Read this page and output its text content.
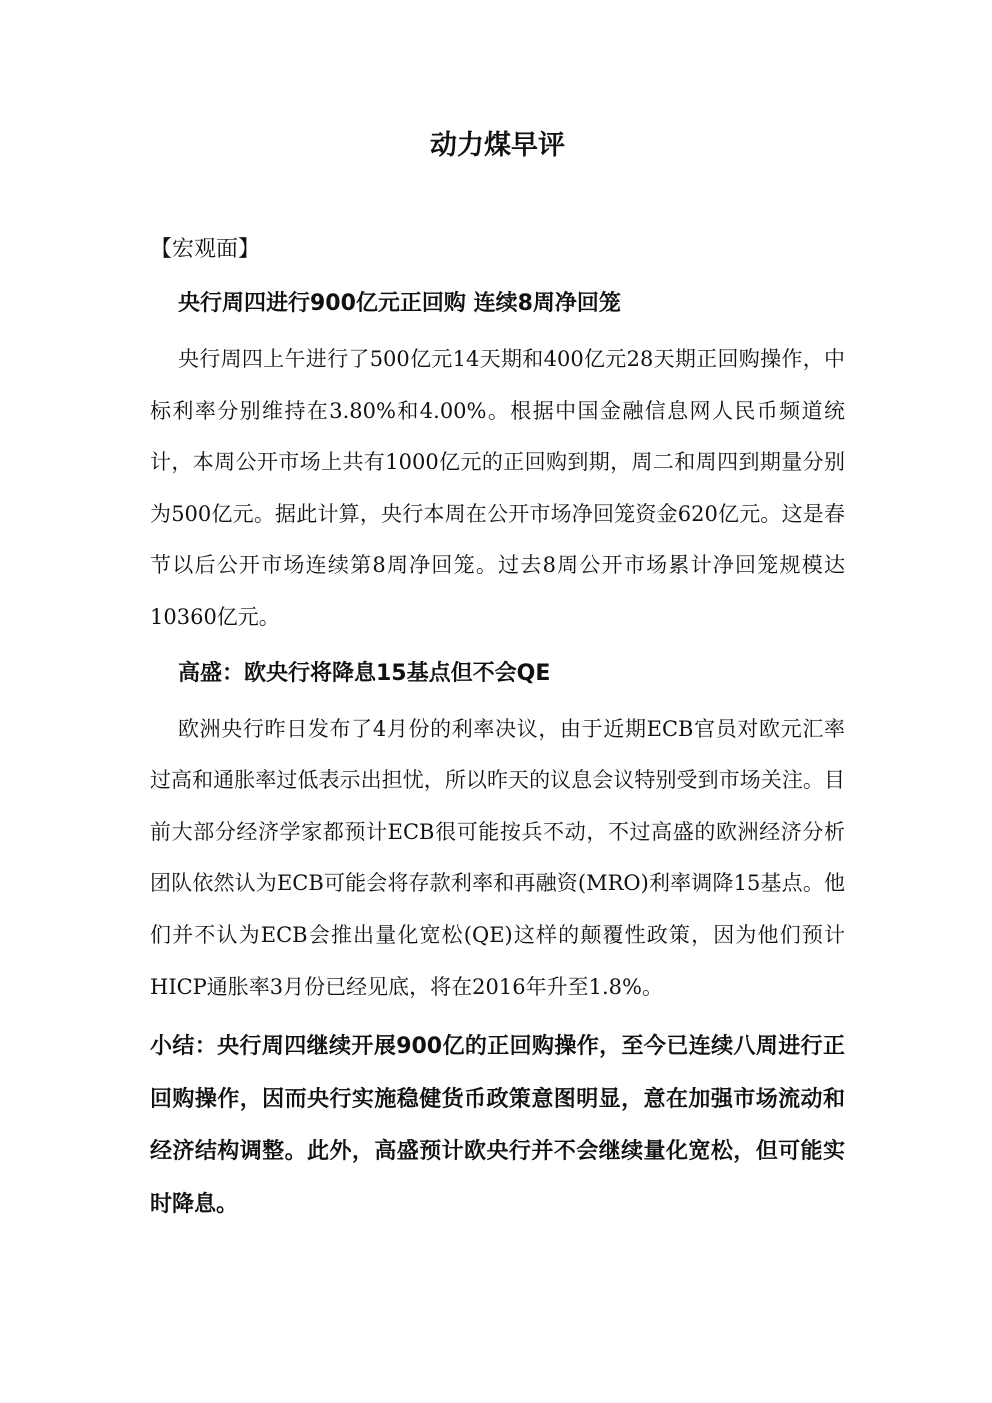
动力煤早评

【宏观面】

央行周四进行900亿元正回购 连续8周净回笼

央行周四上午进行了500亿元14天期和400亿元28天期正回购操作，中标利率分别维持在3.80%和4.00%。根据中国金融信息网人民币频道统计，本周公开市场上共有1000亿元的正回购到期，周二和周四到期量分别为500亿元。据此计算，央行本周在公开市场净回笼资金620亿元。这是春节以后公开市场连续第8周净回笼。过去8周公开市场累计净回笼规模达10360亿元。

高盛：欧央行将降息15基点但不会QE

欧洲央行昨日发布了4月份的利率决议，由于近期ECB官员对欧元汇率过高和通胀率过低表示出担忧，所以昨天的议息会议特别受到市场关注。目前大部分经济学家都预计ECB很可能按兵不动，不过高盛的欧洲经济分析团队依然认为ECB可能会将存款利率和再融资(MRO)利率调降15基点。他们并不认为ECB会推出量化宽松(QE)这样的颠覆性政策，因为他们预计HICP通胀率3月份已经见底，将在2016年升至1.8%。

小结：央行周四继续开展900亿的正回购操作，至今已连续八周进行正回购操作，因而央行实施稳健货币政策意图明显，意在加强市场流动和经济结构调整。此外，高盛预计欧央行并不会继续量化宽松，但可能实时降息。
